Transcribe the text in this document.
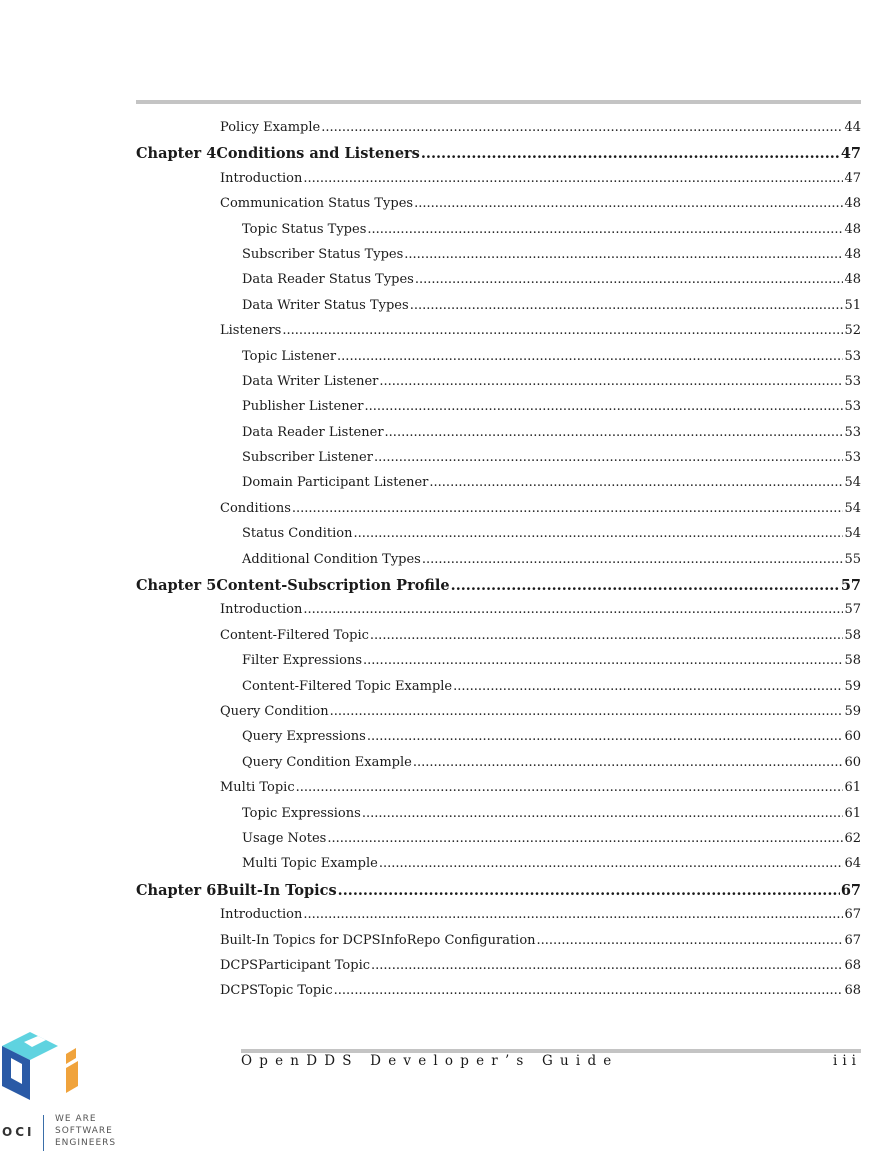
Policy Example .....	44
Chapter 4 Conditions and Listeners .....	47
Introduction .....	47
Communication Status Types .....	48
Topic Status Types .....	48
Subscriber Status Types .....	48
Data Reader Status Types .....	48
Data Writer Status Types .....	51
Listeners .....	52
Topic Listener .....	53
Data Writer Listener .....	53
Publisher Listener .....	53
Data Reader Listener .....	53
Subscriber Listener .....	53
Domain Participant Listener .....	54
Conditions .....	54
Status Condition .....	54
Additional Condition Types .....	55
Chapter 5 Content-Subscription Profile .....	57
Introduction .....	57
Content-Filtered Topic .....	58
Filter Expressions .....	58
Content-Filtered Topic Example .....	59
Query Condition .....	59
Query Expressions .....	60
Query Condition Example .....	60
Multi Topic .....	61
Topic Expressions .....	61
Usage Notes .....	62
Multi Topic Example .....	64
Chapter 6 Built-In Topics .....	67
Introduction .....	67
Built-In Topics for DCPSInfoRepo Configuration .....	67
DCPSParticipant Topic .....	68
DCPSTopic Topic .....	68
OpenDDS Developer’s Guide	iii
OCI
WE ARE
SOFTWARE
ENGINEERS
